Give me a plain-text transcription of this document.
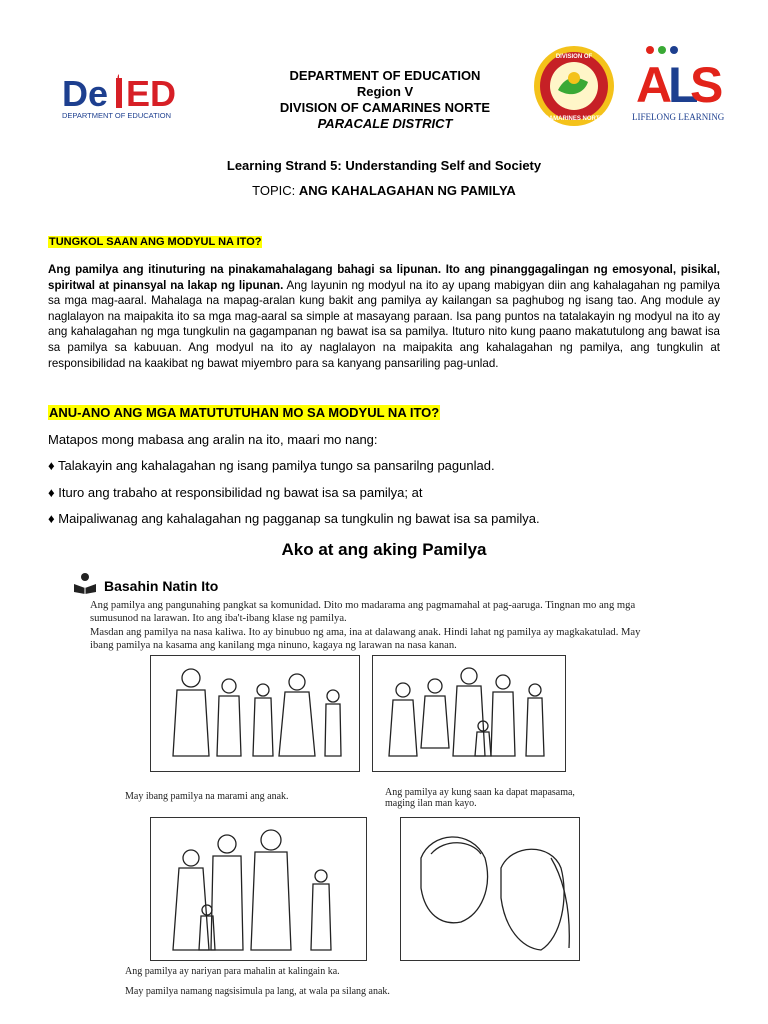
De ED
DEPARTMENT OF EDUCATION
DEPARTMENT OF EDUCATION
Region V
DIVISION OF CAMARINES NORTE
PARACALE DISTRICT
DIVISION OF
CAMARINES NORTE
A
L
S
LIFELONG LEARNING
Learning Strand 5: Understanding Self and Society
TOPIC: ANG KAHALAGAHAN NG PAMILYA
TUNGKOL SAAN ANG MODYUL NA ITO?
Ang pamilya ang itinuturing na pinakamahalagang bahagi sa lipunan. Ito ang pinanggagalingan ng emosyonal, pisikal, spiritwal at pinansyal na lakap ng lipunan. Ang layunin ng modyul na ito ay upang mabigyan diin ang kahalagahan ng pamilya sa mga mag-aaral. Mahalaga na mapag-aralan kung bakit ang pamilya ay kailangan sa paghubog ng isang tao. Ang module ay naglalayon na maipakita ito sa mga mag-aaral sa simple at masayang paraan. Isa pang puntos na tatalakayin ng modyul na ito ay ang kahalagahan ng mga tungkulin na gagampanan ng bawat isa sa pamilya. Ituturo nito kung paano makatutulong ang bawat isa sa pamilya sa kabuuan. Ang modyul na ito ay naglalayon na maipakita ang kahalagahan ng pamilya, ang tungkulin at responsibilidad na kaakibat ng bawat miyembro para sa kanyang pansariling pag-unlad.
ANU-ANO ANG MGA MATUTUTUHAN MO SA MODYUL NA ITO?
Matapos mong mabasa ang aralin na ito, maari mo nang:
♦ Talakayin ang kahalagahan ng isang pamilya tungo sa pansarilng pagunlad.
♦ Ituro ang trabaho at responsibilidad ng bawat isa sa pamilya; at
♦ Maipaliwanag ang kahalagahan ng pagganap sa tungkulin ng bawat isa sa pamilya.
Ako at ang aking Pamilya
Basahin Natin Ito
Ang pamilya ang pangunahing pangkat sa komunidad. Dito mo madarama ang pagmamahal at pag-aaruga. Tingnan mo ang mga sumusunod na larawan. Ito ang iba't-ibang klase ng pamilya.
Masdan ang pamilya na nasa kaliwa. Ito ay binubuo ng ama, ina at dalawang anak. Hindi lahat ng pamilya ay magkakatulad. May ibang pamilya na kasama ang kanilang mga ninuno, kagaya ng larawan na nasa kanan.
May ibang pamilya na marami ang anak.	Ang pamilya ay kung saan ka dapat mapasama, maging ilan man kayo.
Ang pamilya ay nariyan para mahalin at kalingain ka.
May pamilya namang nagsisimula pa lang, at wala pa silang anak.
